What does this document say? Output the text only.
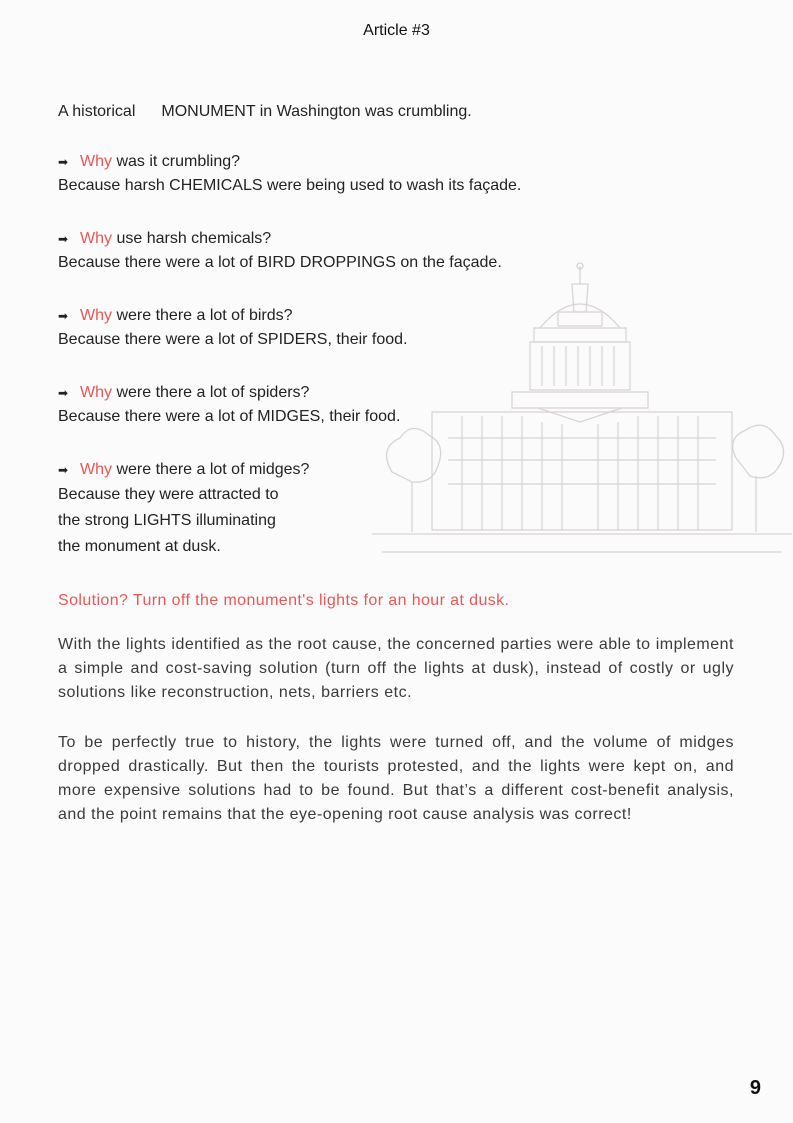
Article #3
A historical MONUMENT in Washington was crumbling.
➡ Why was it crumbling?
Because harsh CHEMICALS were being used to wash its façade.
➡ Why use harsh chemicals?
Because there were a lot of BIRD DROPPINGS on the façade.
➡ Why were there a lot of birds?
Because there were a lot of SPIDERS, their food.
➡ Why were there a lot of spiders?
Because there were a lot of MIDGES, their food.
➡ Why were there a lot of midges?
Because they were attracted to
the strong LIGHTS illuminating
the monument at dusk.
Solution? Turn off the monument's lights for an hour at dusk.

With the lights identified as the root cause, the concerned parties were able to implement a simple and cost-saving solution (turn off the lights at dusk), instead of costly or ugly solutions like reconstruction, nets, barriers etc.

To be perfectly true to history, the lights were turned off, and the volume of midges dropped drastically. But then the tourists protested, and the lights were kept on, and more expensive solutions had to be found. But that’s a different cost-benefit analysis, and the point remains that the eye-opening root cause analysis was correct!

9
